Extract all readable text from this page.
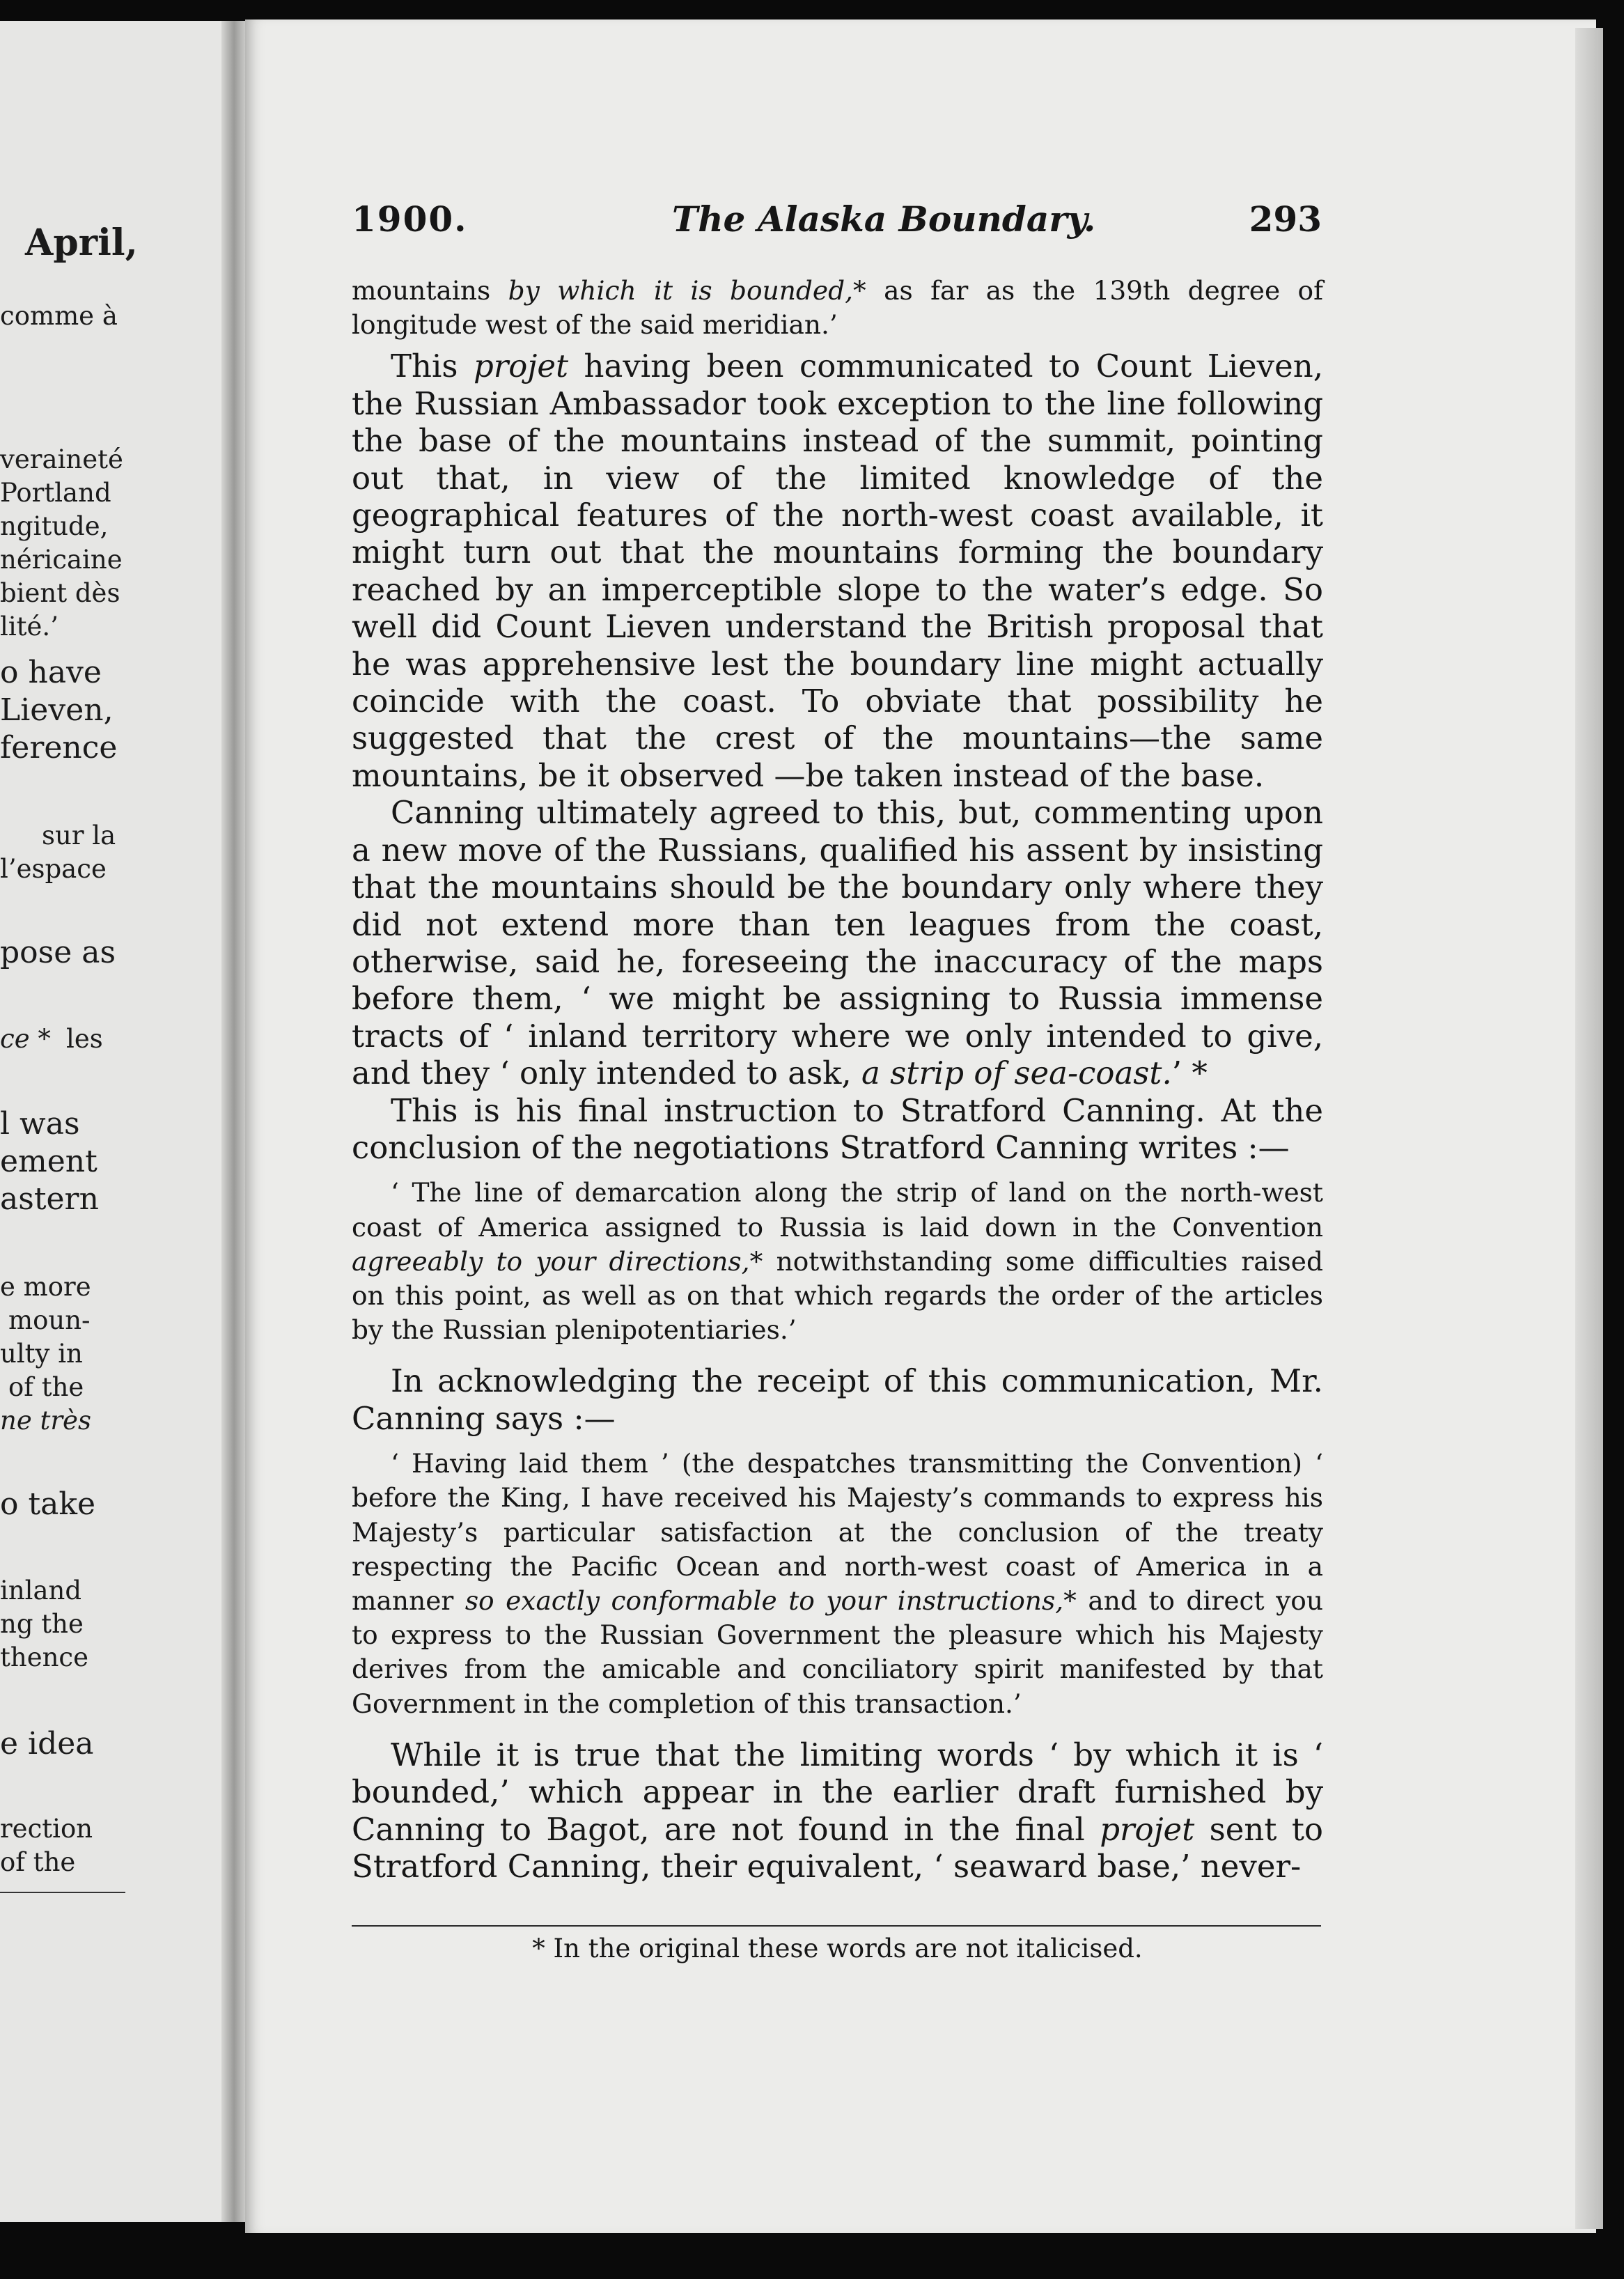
April,
comme à
veraineté
Portland
ngitude,
néricaine
bient dès
lité.’
o have
Lieven,
ference
sur la
l’espace
pose as
ce * les
l was
ement
astern
e more
moun-
ulty in
of the
ne très
o take
inland
ng the
thence
e idea
rection
of the
1900.	The Alaska Boundary.	293

mountains by which it is bounded,* as far as the 139th degree of longitude west of the said meridian.’

This projet having been communicated to Count Lieven, the Russian Ambassador took exception to the line following the base of the mountains instead of the summit, pointing out that, in view of the limited knowledge of the geographical features of the north-west coast available, it might turn out that the mountains forming the boundary reached by an imperceptible slope to the water’s edge. So well did Count Lieven understand the British proposal that he was apprehensive lest the boundary line might actually coincide with the coast. To obviate that possibility he suggested that the crest of the mountains—the same mountains, be it observed —be taken instead of the base.

Canning ultimately agreed to this, but, commenting upon a new move of the Russians, qualified his assent by insisting that the mountains should be the boundary only where they did not extend more than ten leagues from the coast, otherwise, said he, foreseeing the inaccuracy of the maps before them, ‘ we might be assigning to Russia immense tracts of ‘ inland territory where we only intended to give, and they ‘ only intended to ask, a strip of sea-coast.’ *

This is his final instruction to Stratford Canning. At the conclusion of the negotiations Stratford Canning writes :—

‘ The line of demarcation along the strip of land on the north-west coast of America assigned to Russia is laid down in the Convention agreeably to your directions,* notwithstanding some difficulties raised on this point, as well as on that which regards the order of the articles by the Russian plenipotentiaries.’

In acknowledging the receipt of this communication, Mr. Canning says :—

‘ Having laid them ’ (the despatches transmitting the Convention) ‘ before the King, I have received his Majesty’s commands to express his Majesty’s particular satisfaction at the conclusion of the treaty respecting the Pacific Ocean and north-west coast of America in a manner so exactly conformable to your instructions,* and to direct you to express to the Russian Government the pleasure which his Majesty derives from the amicable and conciliatory spirit manifested by that Government in the completion of this transaction.’

While it is true that the limiting words ‘ by which it is ‘ bounded,’ which appear in the earlier draft furnished by Canning to Bagot, are not found in the final projet sent to Stratford Canning, their equivalent, ‘ seaward base,’ never-

* In the original these words are not italicised.
